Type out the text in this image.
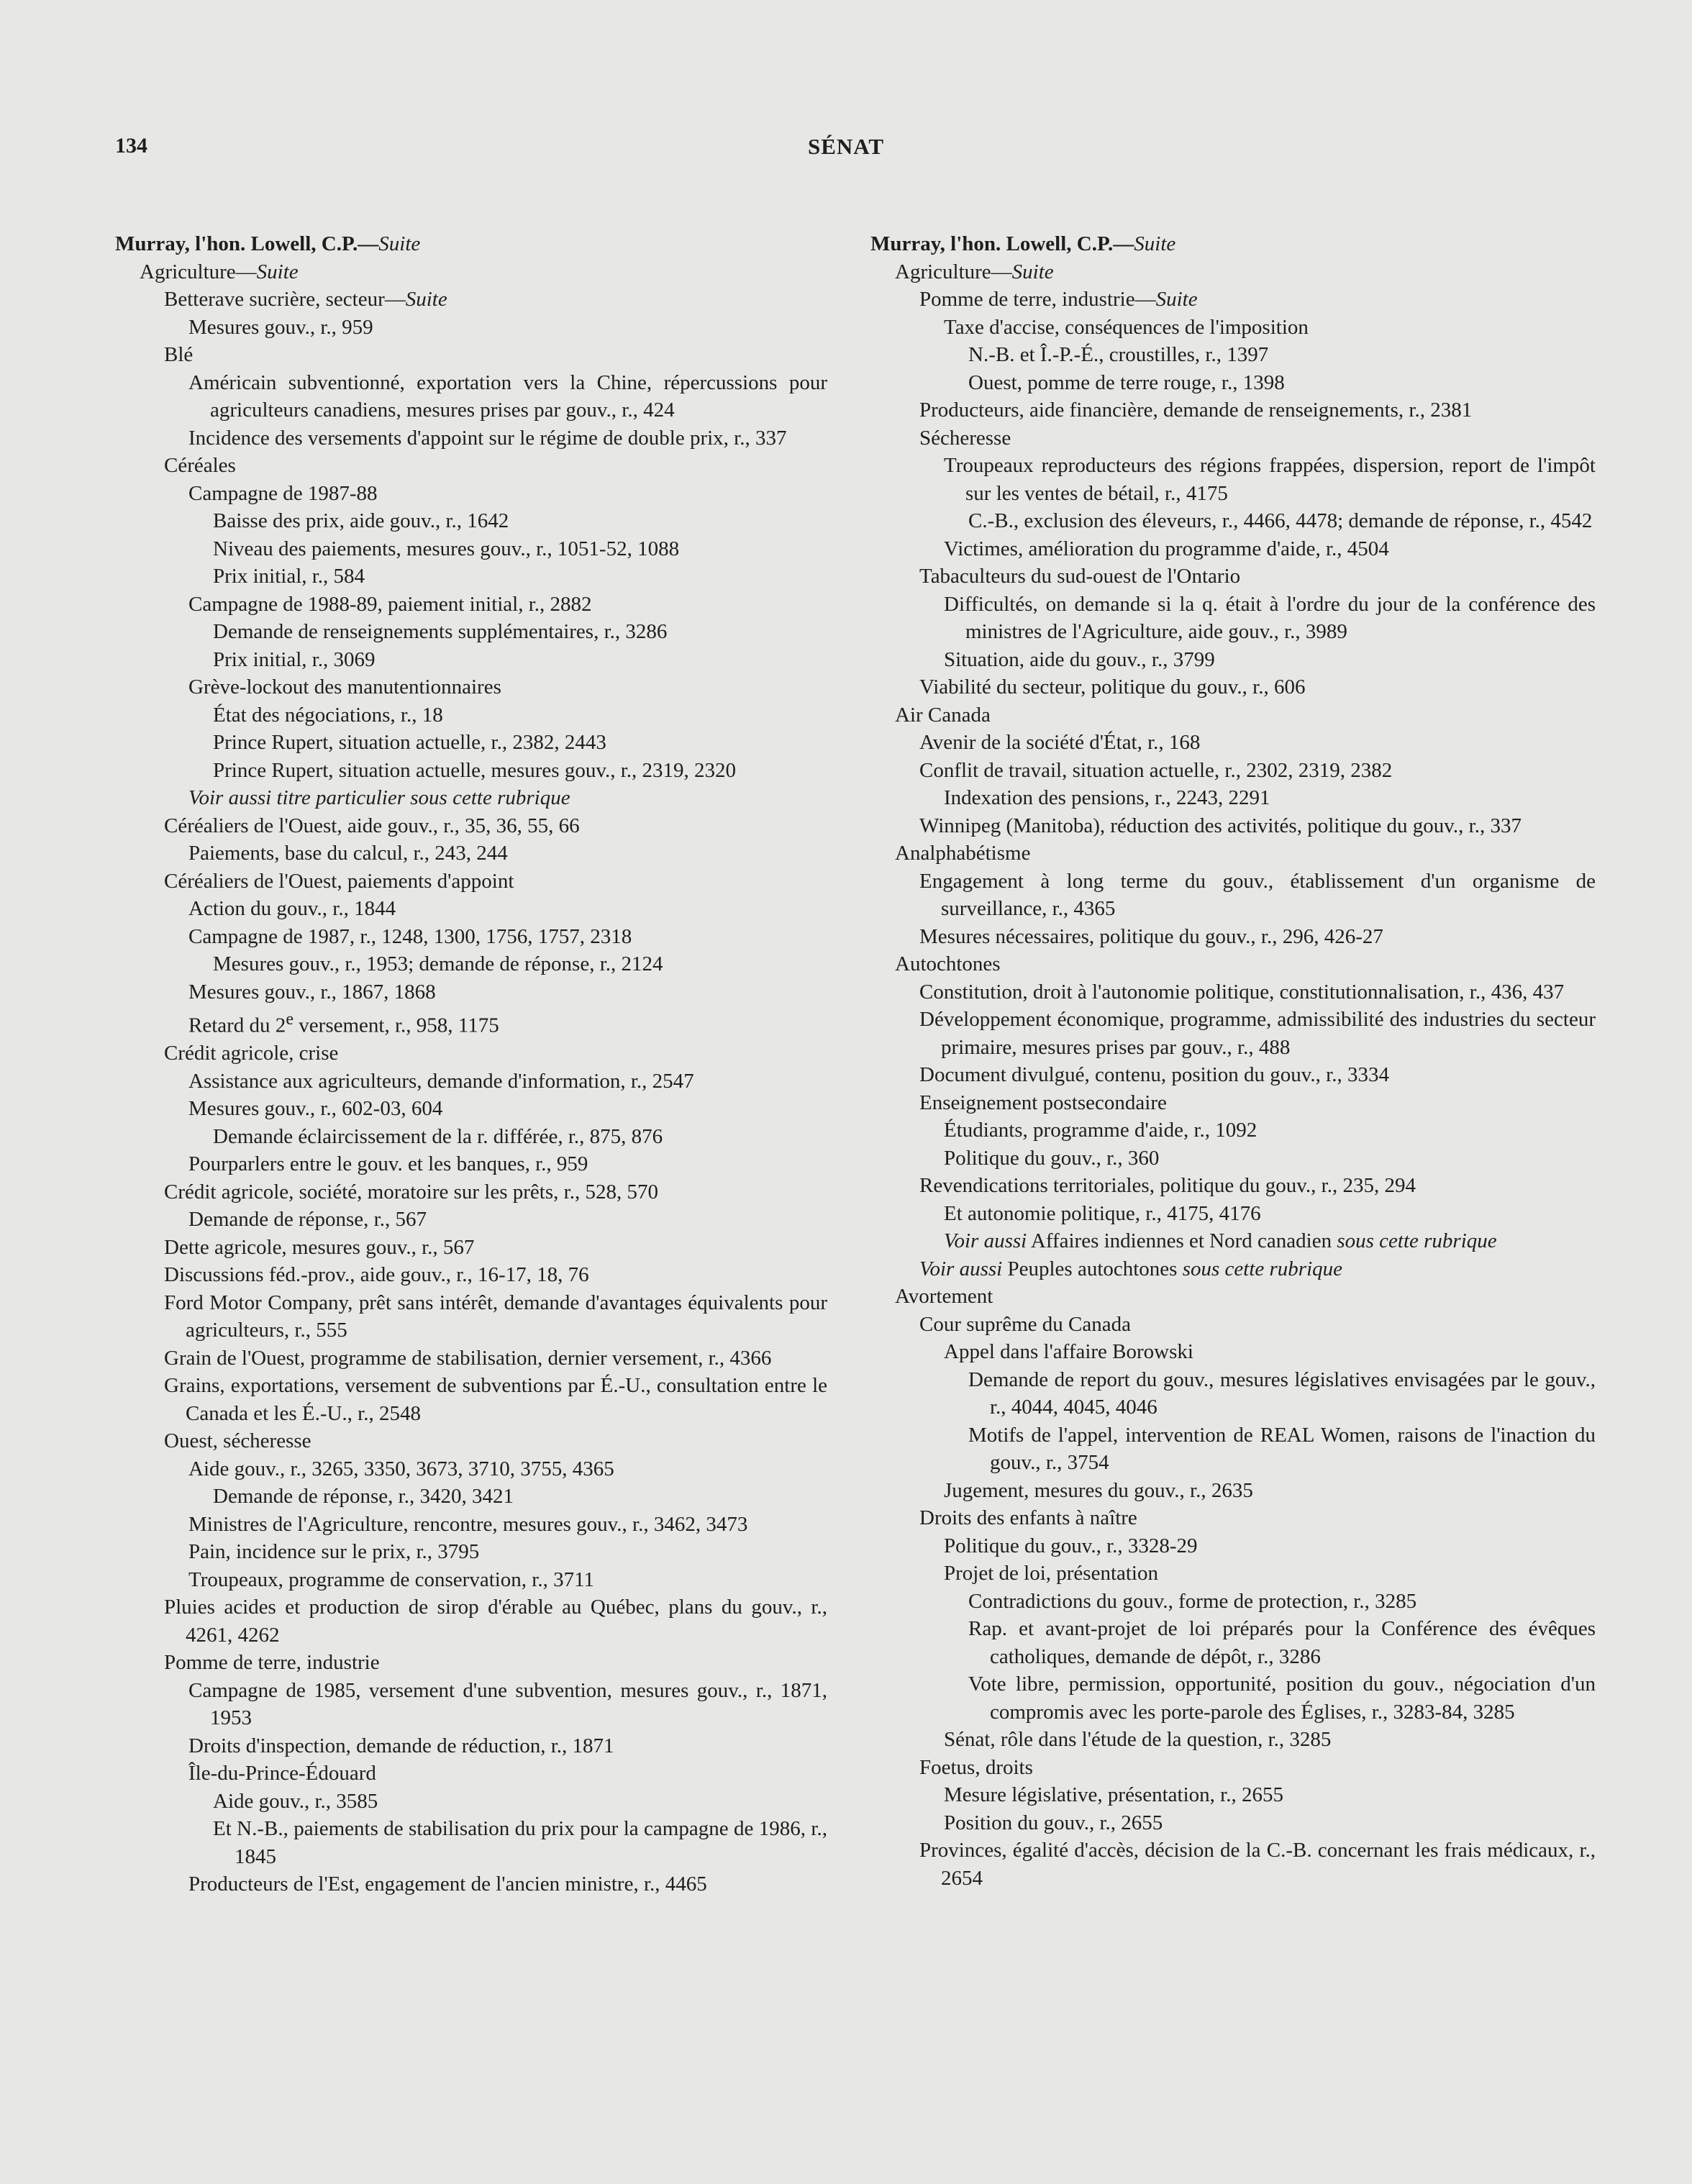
134	SÉNAT
Murray, l'hon. Lowell, C.P.—Suite
Agriculture—Suite
Betterave sucrière, secteur—Suite
Mesures gouv., r., 959
Blé
Américain subventionné, exportation vers la Chine, répercussions pour agriculteurs canadiens, mesures prises par gouv., r., 424
Incidence des versements d'appoint sur le régime de double prix, r., 337
Céréales
Campagne de 1987-88
Baisse des prix, aide gouv., r., 1642
Niveau des paiements, mesures gouv., r., 1051-52, 1088
Prix initial, r., 584
Campagne de 1988-89, paiement initial, r., 2882
Demande de renseignements supplémentaires, r., 3286
Prix initial, r., 3069
Grève-lockout des manutentionnaires
État des négociations, r., 18
Prince Rupert, situation actuelle, r., 2382, 2443
Prince Rupert, situation actuelle, mesures gouv., r., 2319, 2320
Voir aussi titre particulier sous cette rubrique
Céréaliers de l'Ouest, aide gouv., r., 35, 36, 55, 66
Paiements, base du calcul, r., 243, 244
Céréaliers de l'Ouest, paiements d'appoint
Action du gouv., r., 1844
Campagne de 1987, r., 1248, 1300, 1756, 1757, 2318
Mesures gouv., r., 1953; demande de réponse, r., 2124
Mesures gouv., r., 1867, 1868
Retard du 2e versement, r., 958, 1175
Crédit agricole, crise
Assistance aux agriculteurs, demande d'information, r., 2547
Mesures gouv., r., 602-03, 604
Demande éclaircissement de la r. différée, r., 875, 876
Pourparlers entre le gouv. et les banques, r., 959
Crédit agricole, société, moratoire sur les prêts, r., 528, 570
Demande de réponse, r., 567
Dette agricole, mesures gouv., r., 567
Discussions féd.-prov., aide gouv., r., 16-17, 18, 76
Ford Motor Company, prêt sans intérêt, demande d'avantages équivalents pour agriculteurs, r., 555
Grain de l'Ouest, programme de stabilisation, dernier versement, r., 4366
Grains, exportations, versement de subventions par É.-U., consultation entre le Canada et les É.-U., r., 2548
Ouest, sécheresse
Aide gouv., r., 3265, 3350, 3673, 3710, 3755, 4365
Demande de réponse, r., 3420, 3421
Ministres de l'Agriculture, rencontre, mesures gouv., r., 3462, 3473
Pain, incidence sur le prix, r., 3795
Troupeaux, programme de conservation, r., 3711
Pluies acides et production de sirop d'érable au Québec, plans du gouv., r., 4261, 4262
Pomme de terre, industrie
Campagne de 1985, versement d'une subvention, mesures gouv., r., 1871, 1953
Droits d'inspection, demande de réduction, r., 1871
Île-du-Prince-Édouard
Aide gouv., r., 3585
Et N.-B., paiements de stabilisation du prix pour la campagne de 1986, r., 1845
Producteurs de l'Est, engagement de l'ancien ministre, r., 4465
Murray, l'hon. Lowell, C.P.—Suite
Agriculture—Suite
Pomme de terre, industrie—Suite
Taxe d'accise, conséquences de l'imposition
N.-B. et Î.-P.-É., croustilles, r., 1397
Ouest, pomme de terre rouge, r., 1398
Producteurs, aide financière, demande de renseignements, r., 2381
Sécheresse
Troupeaux reproducteurs des régions frappées, dispersion, report de l'impôt sur les ventes de bétail, r., 4175
C.-B., exclusion des éleveurs, r., 4466, 4478; demande de réponse, r., 4542
Victimes, amélioration du programme d'aide, r., 4504
Tabaculteurs du sud-ouest de l'Ontario
Difficultés, on demande si la q. était à l'ordre du jour de la conférence des ministres de l'Agriculture, aide gouv., r., 3989
Situation, aide du gouv., r., 3799
Viabilité du secteur, politique du gouv., r., 606
Air Canada
Avenir de la société d'État, r., 168
Conflit de travail, situation actuelle, r., 2302, 2319, 2382
Indexation des pensions, r., 2243, 2291
Winnipeg (Manitoba), réduction des activités, politique du gouv., r., 337
Analphabétisme
Engagement à long terme du gouv., établissement d'un organisme de surveillance, r., 4365
Mesures nécessaires, politique du gouv., r., 296, 426-27
Autochtones
Constitution, droit à l'autonomie politique, constitutionnalisation, r., 436, 437
Développement économique, programme, admissibilité des industries du secteur primaire, mesures prises par gouv., r., 488
Document divulgué, contenu, position du gouv., r., 3334
Enseignement postsecondaire
Étudiants, programme d'aide, r., 1092
Politique du gouv., r., 360
Revendications territoriales, politique du gouv., r., 235, 294
Et autonomie politique, r., 4175, 4176
Voir aussi Affaires indiennes et Nord canadien sous cette rubrique
Voir aussi Peuples autochtones sous cette rubrique
Avortement
Cour suprême du Canada
Appel dans l'affaire Borowski
Demande de report du gouv., mesures législatives envisagées par le gouv., r., 4044, 4045, 4046
Motifs de l'appel, intervention de REAL Women, raisons de l'inaction du gouv., r., 3754
Jugement, mesures du gouv., r., 2635
Droits des enfants à naître
Politique du gouv., r., 3328-29
Projet de loi, présentation
Contradictions du gouv., forme de protection, r., 3285
Rap. et avant-projet de loi préparés pour la Conférence des évêques catholiques, demande de dépôt, r., 3286
Vote libre, permission, opportunité, position du gouv., négociation d'un compromis avec les porte-parole des Églises, r., 3283-84, 3285
Sénat, rôle dans l'étude de la question, r., 3285
Foetus, droits
Mesure législative, présentation, r., 2655
Position du gouv., r., 2655
Provinces, égalité d'accès, décision de la C.-B. concernant les frais médicaux, r., 2654
